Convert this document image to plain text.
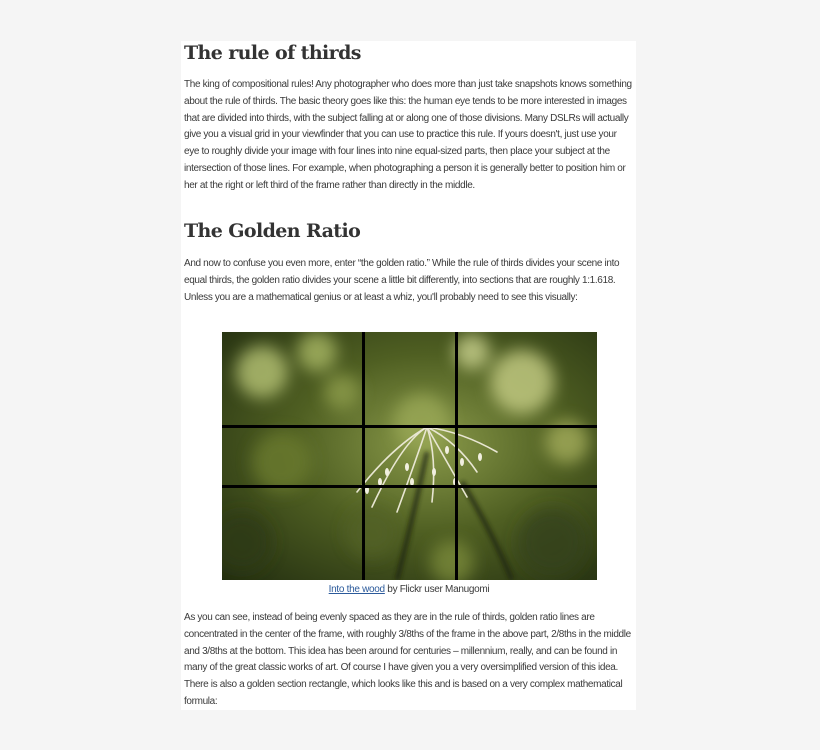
The rule of thirds

The king of compositional rules! Any photographer who does more than just take snapshots knows something about the rule of thirds. The basic theory goes like this: the human eye tends to be more interested in images that are divided into thirds, with the subject falling at or along one of those divisions. Many DSLRs will actually give you a visual grid in your viewfinder that you can use to practice this rule. If yours doesn't, just use your eye to roughly divide your image with four lines into nine equal-sized parts, then place your subject at the intersection of those lines. For example, when photographing a person it is generally better to position him or her at the right or left third of the frame rather than directly in the middle.

The Golden Ratio

And now to confuse you even more, enter “the golden ratio.” While the rule of thirds divides your scene into equal thirds, the golden ratio divides your scene a little bit differently, into sections that are roughly 1:1.618. Unless you are a mathematical genius or at least a whiz, you'll probably need to see this visually:

Into the wood by Flickr user Manugomi

As you can see, instead of being evenly spaced as they are in the rule of thirds, golden ratio lines are concentrated in the center of the frame, with roughly 3/8ths of the frame in the above part, 2/8ths in the middle and 3/8ths at the bottom. This idea has been around for centuries – millennium, really, and can be found in many of the great classic works of art. Of course I have given you a very oversimplified version of this idea. There is also a golden section rectangle, which looks like this and is based on a very complex mathematical formula:
